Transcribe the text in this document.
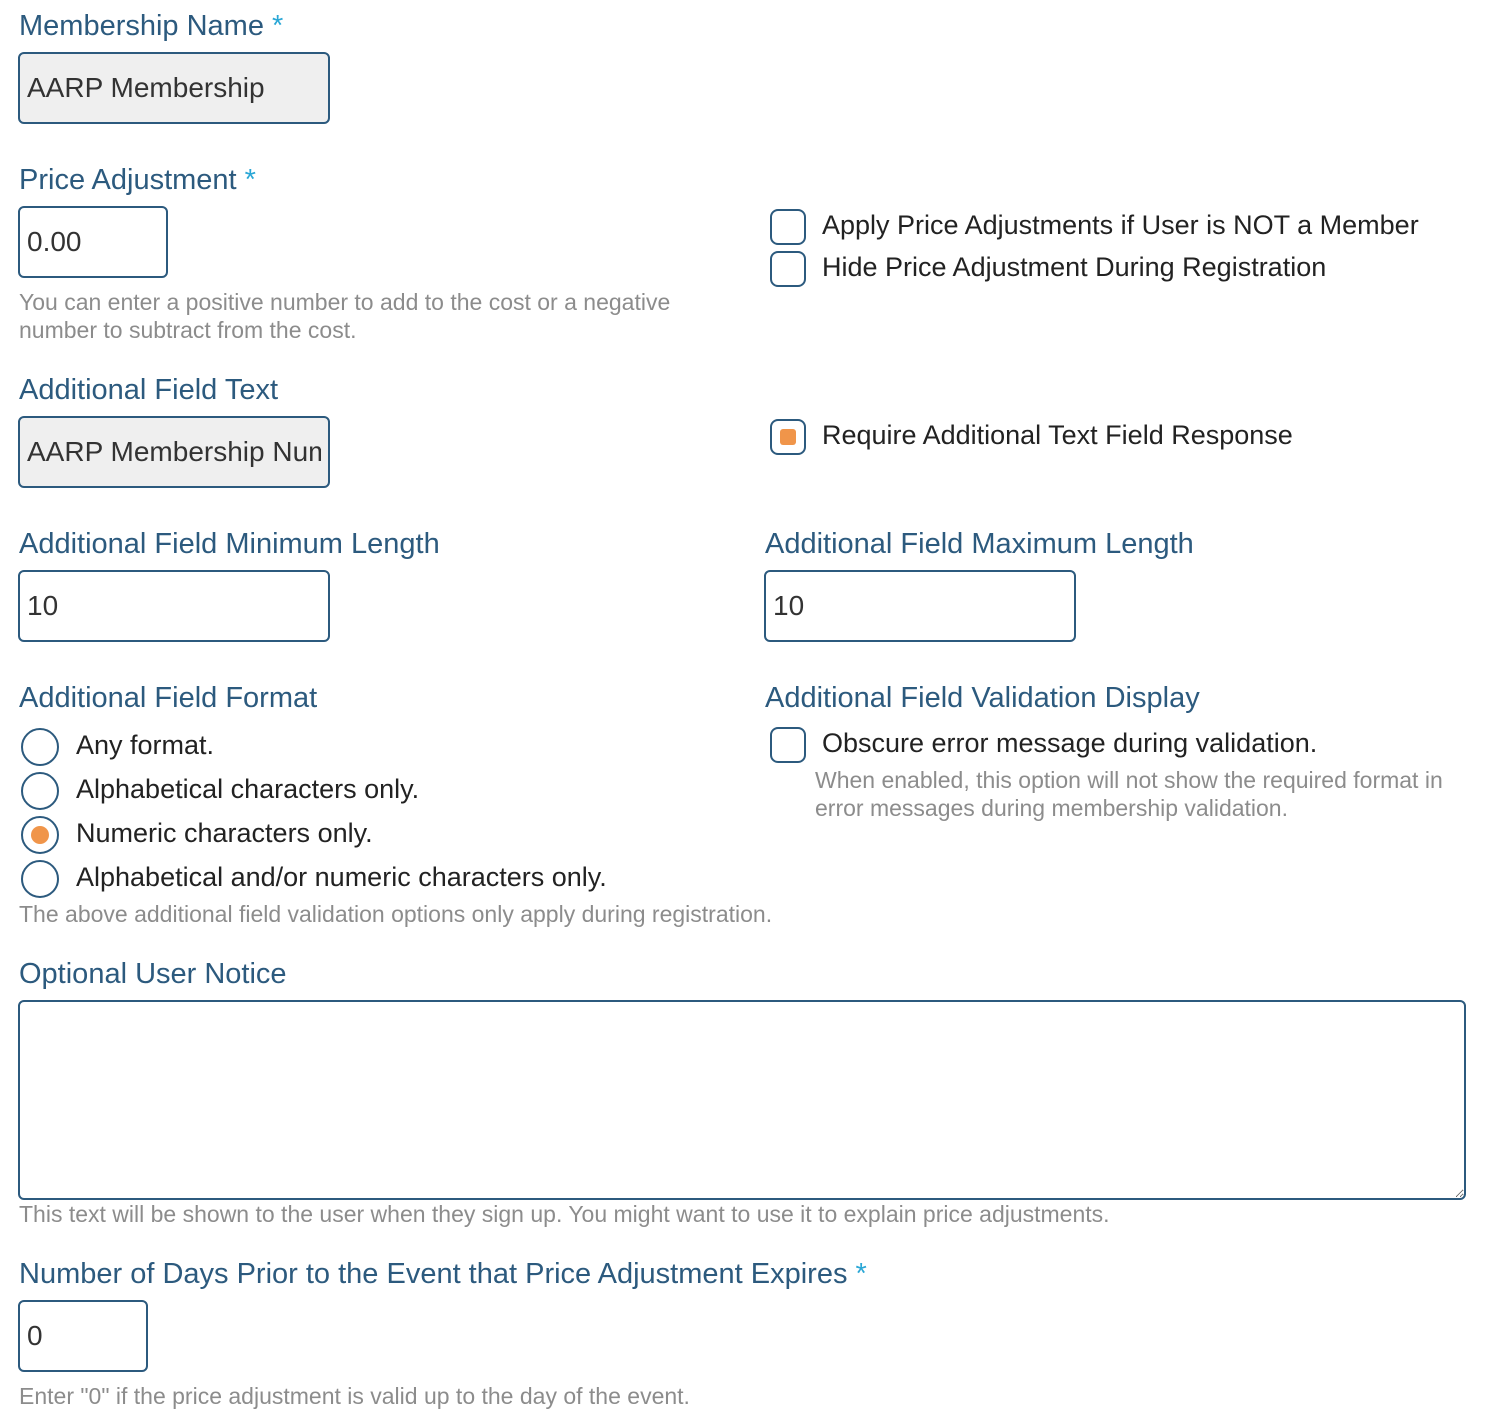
Membership Name *
AARP Membership
Price Adjustment *
0.00
You can enter a positive number to add to the cost or a negative number to subtract from the cost.
Apply Price Adjustments if User is NOT a Member
Hide Price Adjustment During Registration
Additional Field Text
AARP Membership Number
Require Additional Text Field Response
Additional Field Minimum Length
10	Additional Field Maximum Length
10
Additional Field Format
Any format.
Alphabetical characters only.
Numeric characters only.
Alphabetical and/or numeric characters only.
The above additional field validation options only apply during registration.
Additional Field Validation Display
Obscure error message during validation.
When enabled, this option will not show the required format in error messages during membership validation.
Optional User Notice
This text will be shown to the user when they sign up. You might want to use it to explain price adjustments.
Number of Days Prior to the Event that Price Adjustment Expires *
0
Enter "0" if the price adjustment is valid up to the day of the event.
